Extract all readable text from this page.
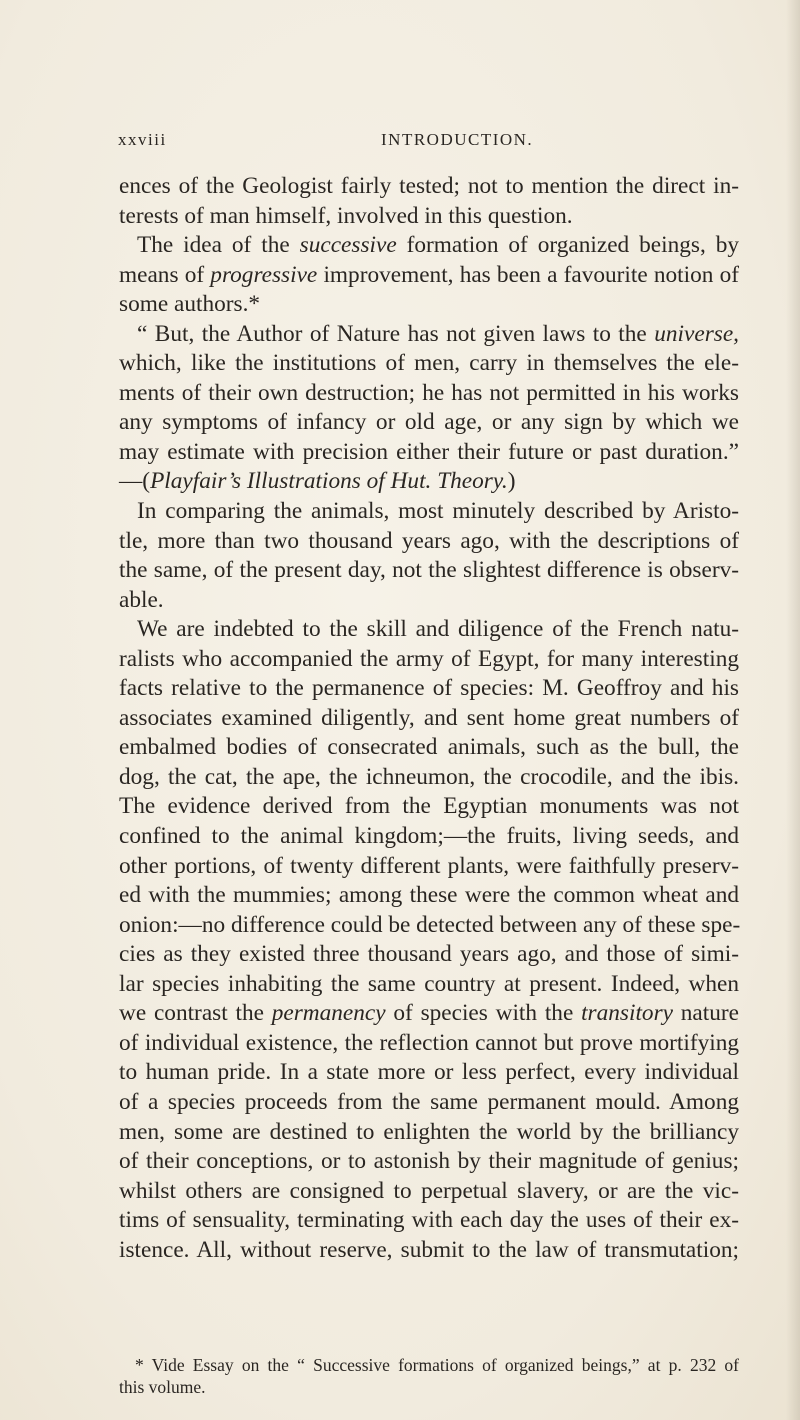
xxviii	INTRODUCTION.
ences of the Geologist fairly tested; not to mention the direct in-
terests of man himself, involved in this question.
The idea of the successive formation of organized beings, by
means of progressive improvement, has been a favourite notion of
some authors.*
“ But, the Author of Nature has not given laws to the universe,
which, like the institutions of men, carry in themselves the ele-
ments of their own destruction; he has not permitted in his works
any symptoms of infancy or old age, or any sign by which we
may estimate with precision either their future or past duration.”
—(Playfair’s Illustrations of Hut. Theory.)
In comparing the animals, most minutely described by Aristo-
tle, more than two thousand years ago, with the descriptions of
the same, of the present day, not the slightest difference is observ-
able.
We are indebted to the skill and diligence of the French natu-
ralists who accompanied the army of Egypt, for many interesting
facts relative to the permanence of species: M. Geoffroy and his
associates examined diligently, and sent home great numbers of
embalmed bodies of consecrated animals, such as the bull, the
dog, the cat, the ape, the ichneumon, the crocodile, and the ibis.
The evidence derived from the Egyptian monuments was not
confined to the animal kingdom;—the fruits, living seeds, and
other portions, of twenty different plants, were faithfully preserv-
ed with the mummies; among these were the common wheat and
onion:—no difference could be detected between any of these spe-
cies as they existed three thousand years ago, and those of simi-
lar species inhabiting the same country at present. Indeed, when
we contrast the permanency of species with the transitory nature
of individual existence, the reflection cannot but prove mortifying
to human pride. In a state more or less perfect, every individual
of a species proceeds from the same permanent mould. Among
men, some are destined to enlighten the world by the brilliancy
of their conceptions, or to astonish by their magnitude of genius;
whilst others are consigned to perpetual slavery, or are the vic-
tims of sensuality, terminating with each day the uses of their ex-
istence. All, without reserve, submit to the law of transmutation;
* Vide Essay on the “ Successive formations of organized beings,” at p. 232 of
this volume.
